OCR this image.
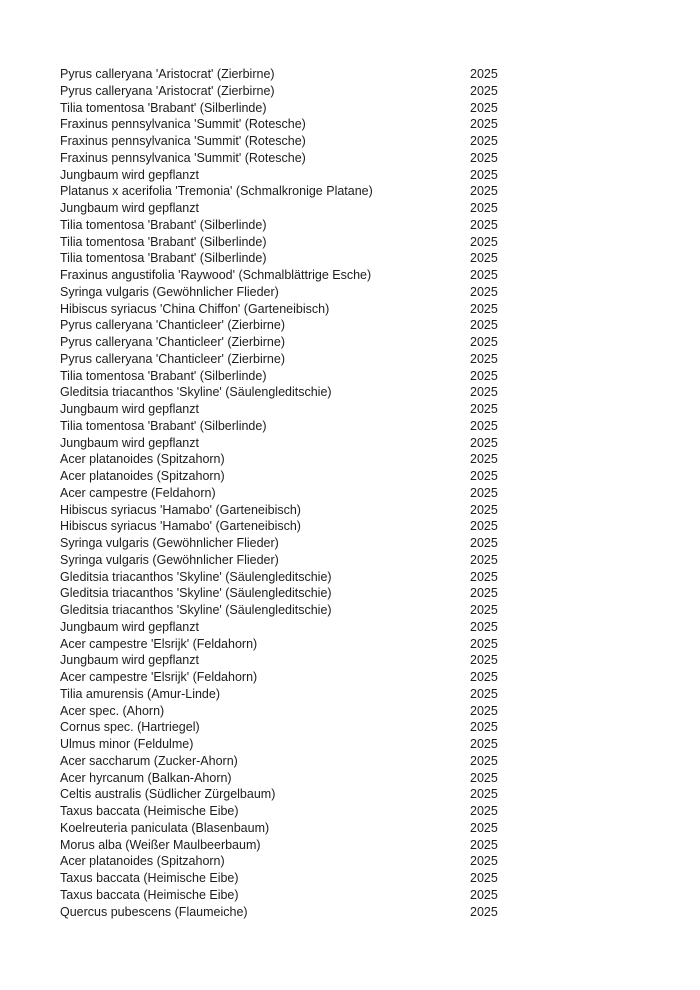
Pyrus calleryana 'Aristocrat' (Zierbirne)	2025
Pyrus calleryana 'Aristocrat' (Zierbirne)	2025
Tilia tomentosa 'Brabant' (Silberlinde)	2025
Fraxinus pennsylvanica 'Summit' (Rotesche)	2025
Fraxinus pennsylvanica 'Summit' (Rotesche)	2025
Fraxinus pennsylvanica 'Summit' (Rotesche)	2025
Jungbaum wird gepflanzt	2025
Platanus x acerifolia 'Tremonia' (Schmalkronige Platane)	2025
Jungbaum wird gepflanzt	2025
Tilia tomentosa 'Brabant' (Silberlinde)	2025
Tilia tomentosa 'Brabant' (Silberlinde)	2025
Tilia tomentosa 'Brabant' (Silberlinde)	2025
Fraxinus angustifolia 'Raywood' (Schmalblättrige Esche)	2025
Syringa vulgaris (Gewöhnlicher Flieder)	2025
Hibiscus syriacus 'China Chiffon' (Garteneibisch)	2025
Pyrus calleryana 'Chanticleer' (Zierbirne)	2025
Pyrus calleryana 'Chanticleer' (Zierbirne)	2025
Pyrus calleryana 'Chanticleer' (Zierbirne)	2025
Tilia tomentosa 'Brabant' (Silberlinde)	2025
Gleditsia triacanthos 'Skyline' (Säulengleditschie)	2025
Jungbaum wird gepflanzt	2025
Tilia tomentosa 'Brabant' (Silberlinde)	2025
Jungbaum wird gepflanzt	2025
Acer platanoides (Spitzahorn)	2025
Acer platanoides (Spitzahorn)	2025
Acer campestre (Feldahorn)	2025
Hibiscus syriacus 'Hamabo' (Garteneibisch)	2025
Hibiscus syriacus 'Hamabo' (Garteneibisch)	2025
Syringa vulgaris (Gewöhnlicher Flieder)	2025
Syringa vulgaris (Gewöhnlicher Flieder)	2025
Gleditsia triacanthos 'Skyline' (Säulengleditschie)	2025
Gleditsia triacanthos 'Skyline' (Säulengleditschie)	2025
Gleditsia triacanthos 'Skyline' (Säulengleditschie)	2025
Jungbaum wird gepflanzt	2025
Acer campestre 'Elsrijk' (Feldahorn)	2025
Jungbaum wird gepflanzt	2025
Acer campestre 'Elsrijk' (Feldahorn)	2025
Tilia amurensis (Amur-Linde)	2025
Acer spec. (Ahorn)	2025
Cornus spec. (Hartriegel)	2025
Ulmus minor (Feldulme)	2025
Acer saccharum (Zucker-Ahorn)	2025
Acer hyrcanum (Balkan-Ahorn)	2025
Celtis australis (Südlicher Zürgelbaum)	2025
Taxus baccata (Heimische Eibe)	2025
Koelreuteria paniculata (Blasenbaum)	2025
Morus alba (Weißer Maulbeerbaum)	2025
Acer platanoides (Spitzahorn)	2025
Taxus baccata (Heimische Eibe)	2025
Taxus baccata (Heimische Eibe)	2025
Quercus pubescens (Flaumeiche)	2025
